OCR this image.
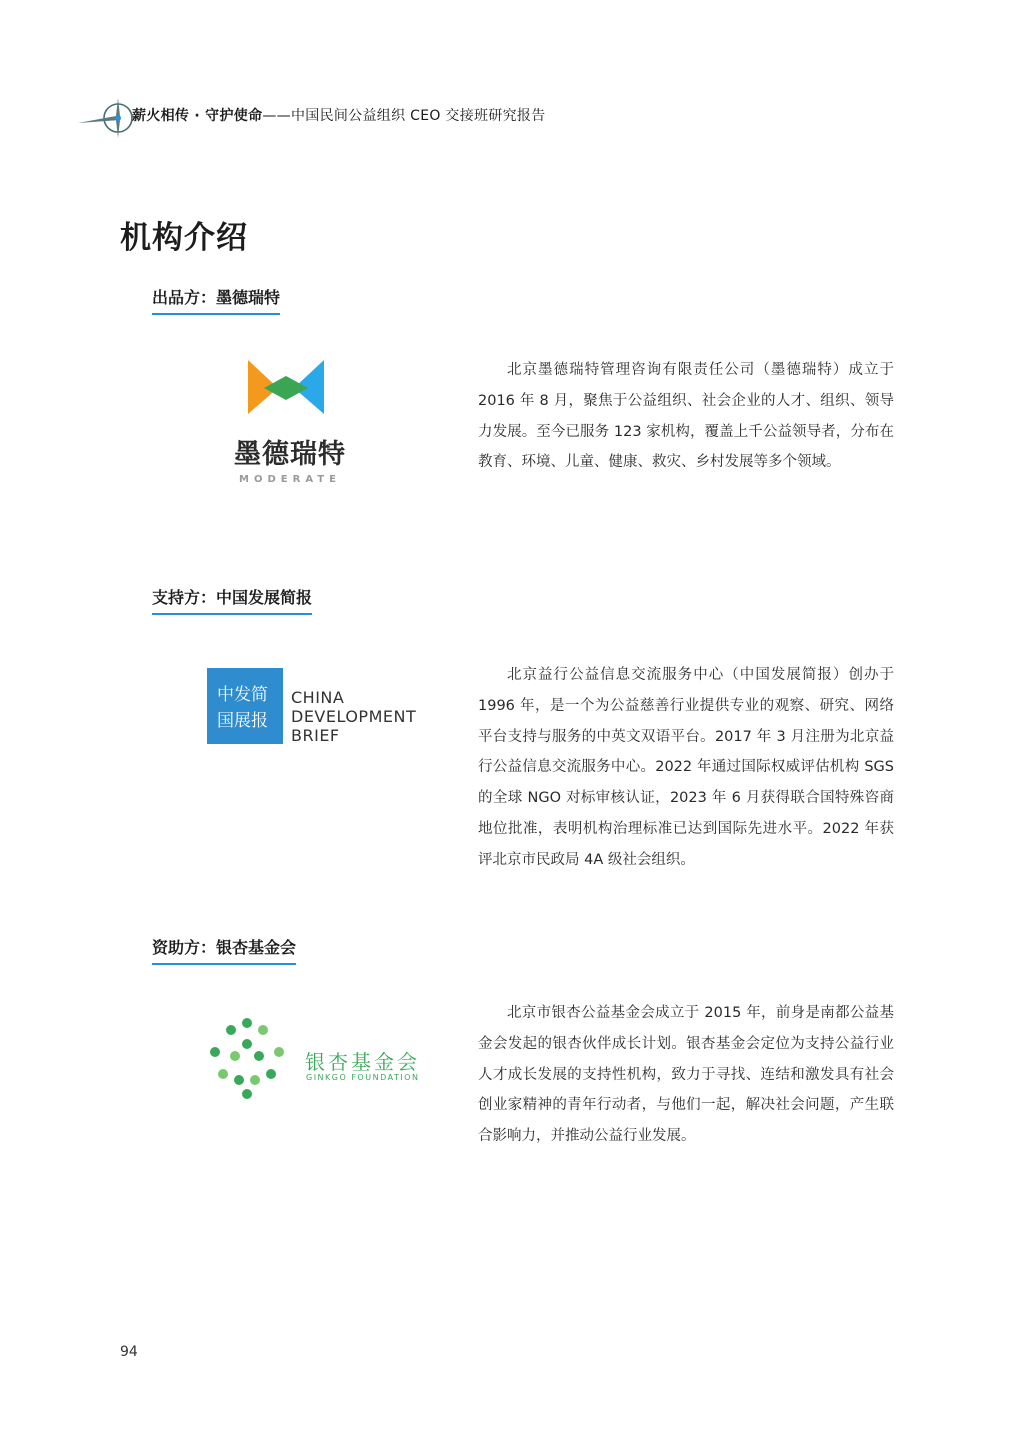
薪火相传 · 守护使命——中国民间公益组织 CEO 交接班研究报告
机构介绍
出品方：墨德瑞特
墨德瑞特
MODERATE
北京墨德瑞特管理咨询有限责任公司（墨德瑞特）成立于 2016 年 8 月，聚焦于公益组织、社会企业的人才、组织、领导力发展。至今已服务 123 家机构，覆盖上千公益领导者，分布在教育、环境、儿童、健康、救灾、乡村发展等多个领域。
支持方：中国发展简报
中发简
国展报
CHINA
DEVELOPMENT
BRIEF
北京益行公益信息交流服务中心（中国发展简报）创办于 1996 年，是一个为公益慈善行业提供专业的观察、研究、网络平台支持与服务的中英文双语平台。2017 年 3 月注册为北京益行公益信息交流服务中心。2022 年通过国际权威评估机构 SGS 的全球 NGO 对标审核认证，2023 年 6 月获得联合国特殊咨商地位批准，表明机构治理标准已达到国际先进水平。2022 年获评北京市民政局 4A 级社会组织。
资助方：银杏基金会
银杏基金会
GINKGO FOUNDATION
北京市银杏公益基金会成立于 2015 年，前身是南都公益基金会发起的银杏伙伴成长计划。银杏基金会定位为支持公益行业人才成长发展的支持性机构，致力于寻找、连结和激发具有社会创业家精神的青年行动者，与他们一起，解决社会问题，产生联合影响力，并推动公益行业发展。
94
